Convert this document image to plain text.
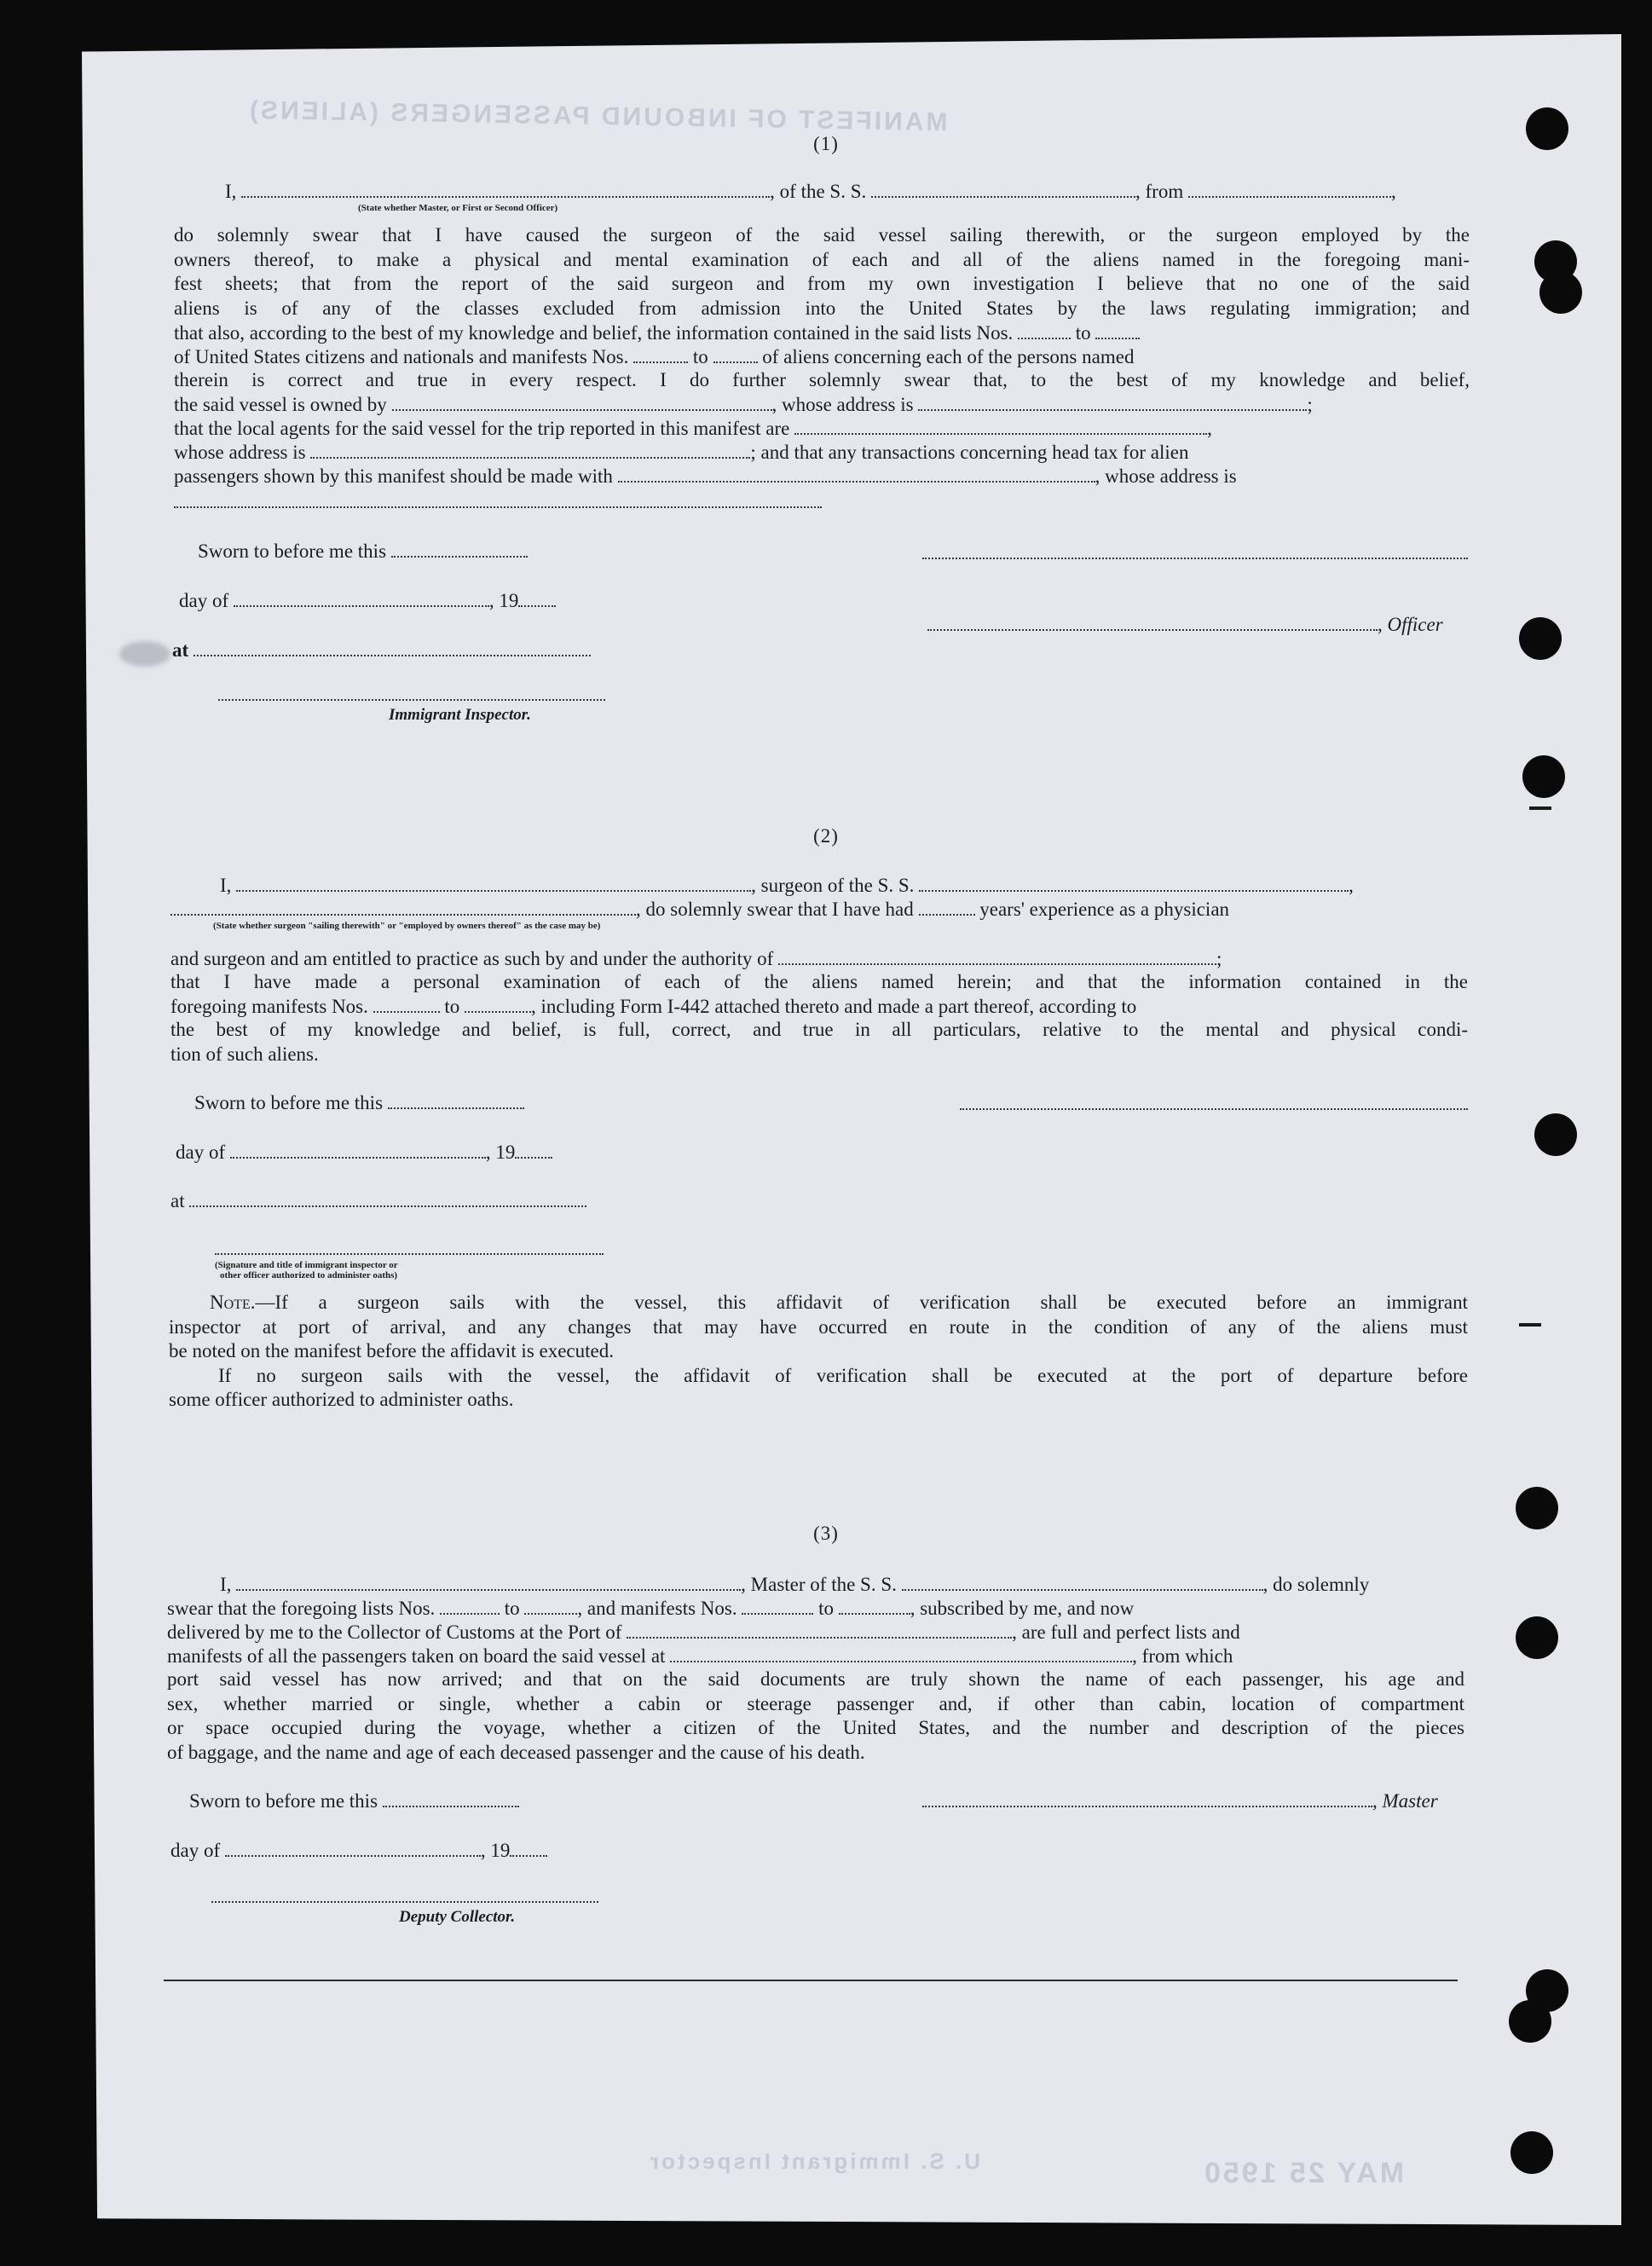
MANIFEST OF INBOUND PASSENGERS (ALIENS)
MAY 25 1950
U. S. Immigrant Inspector
(1)
I,	, of the S. S.	, from	,
(State whether Master, or First or Second Officer)
do solemnly swear that I have caused the surgeon of the said vessel sailing therewith, or the surgeon employed by the
owners thereof, to make a physical and mental examination of each and all of the aliens named in the foregoing mani-
fest sheets; that from the report of the said surgeon and from my own investigation I believe that no one of the said
aliens is of any of the classes excluded from admission into the United States by the laws regulating immigration; and
that also, according to the best of my knowledge and belief, the information contained in the said lists Nos.	to
of United States citizens and nationals and manifests Nos.	to	of aliens concerning each of the persons named
therein is correct and true in every respect. I do further solemnly swear that, to the best of my knowledge and belief,
the said vessel is owned by	, whose address is	;
that the local agents for the said vessel for the trip reported in this manifest are	,
whose address is	; and that any transactions concerning head tax for alien
passengers shown by this manifest should be made with	, whose address is
Sworn to before me this
day of	, 19
, Officer
at
Immigrant Inspector.
(2)
I,	, surgeon of the S. S.	,
, do solemnly swear that I have had	years' experience as a physician
(State whether surgeon "sailing therewith" or "employed by owners thereof" as the case may be)
and surgeon and am entitled to practice as such by and under the authority of	;
that I have made a personal examination of each of the aliens named herein; and that the information contained in the
foregoing manifests Nos.	to	, including Form I-442 attached thereto and made a part thereof, according to
the best of my knowledge and belief, is full, correct, and true in all particulars, relative to the mental and physical condi-
tion of such aliens.
Sworn to before me this
day of	, 19
at
(Signature and title of immigrant inspector or
other officer authorized to administer oaths)
Note.—If a surgeon sails with the vessel, this affidavit of verification shall be executed before an immigrant
inspector at port of arrival, and any changes that may have occurred en route in the condition of any of the aliens must
be noted on the manifest before the affidavit is executed.
If no surgeon sails with the vessel, the affidavit of verification shall be executed at the port of departure before
some officer authorized to administer oaths.
(3)
I,	, Master of the S. S.	, do solemnly
swear that the foregoing lists Nos.	to	, and manifests Nos.	to	, subscribed by me, and now
delivered by me to the Collector of Customs at the Port of	, are full and perfect lists and
manifests of all the passengers taken on board the said vessel at	, from which
port said vessel has now arrived; and that on the said documents are truly shown the name of each passenger, his age and
sex, whether married or single, whether a cabin or steerage passenger and, if other than cabin, location of compartment
or space occupied during the voyage, whether a citizen of the United States, and the number and description of the pieces
of baggage, and the name and age of each deceased passenger and the cause of his death.
Sworn to before me this	, Master
day of	, 19
Deputy Collector.
